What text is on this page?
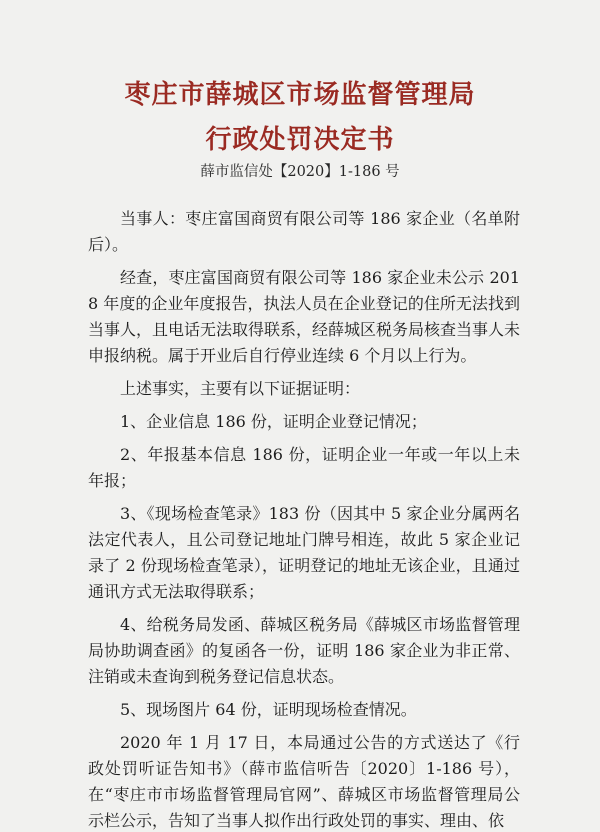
枣庄市薛城区市场监督管理局
行政处罚决定书
薛市监信处【2020】1-186 号

当事人：枣庄富国商贸有限公司等 186 家企业（名单附后）。

经查，枣庄富国商贸有限公司等 186 家企业未公示 2018 年度的企业年度报告，执法人员在企业登记的住所无法找到当事人，且电话无法取得联系，经薛城区税务局核查当事人未申报纳税。属于开业后自行停业连续 6 个月以上行为。

上述事实，主要有以下证据证明：

1、企业信息 186 份，证明企业登记情况；

2、年报基本信息 186 份，证明企业一年或一年以上未年报；

3、《现场检查笔录》183 份（因其中 5 家企业分属两名法定代表人，且公司登记地址门牌号相连，故此 5 家企业记录了 2 份现场检查笔录），证明登记的地址无该企业，且通过通讯方式无法取得联系；

4、给税务局发函、薛城区税务局《薛城区市场监督管理局协助调查函》的复函各一份，证明 186 家企业为非正常、注销或未查询到税务登记信息状态。

5、现场图片 64 份，证明现场检查情况。

2020 年 1 月 17 日，本局通过公告的方式送达了《行政处罚听证告知书》（薛市监信听告〔2020〕1-186 号），在“枣庄市市场监督管理局官网”、薛城区市场监督管理局公示栏公示，告知了当事人拟作出行政处罚的事实、理由、依
